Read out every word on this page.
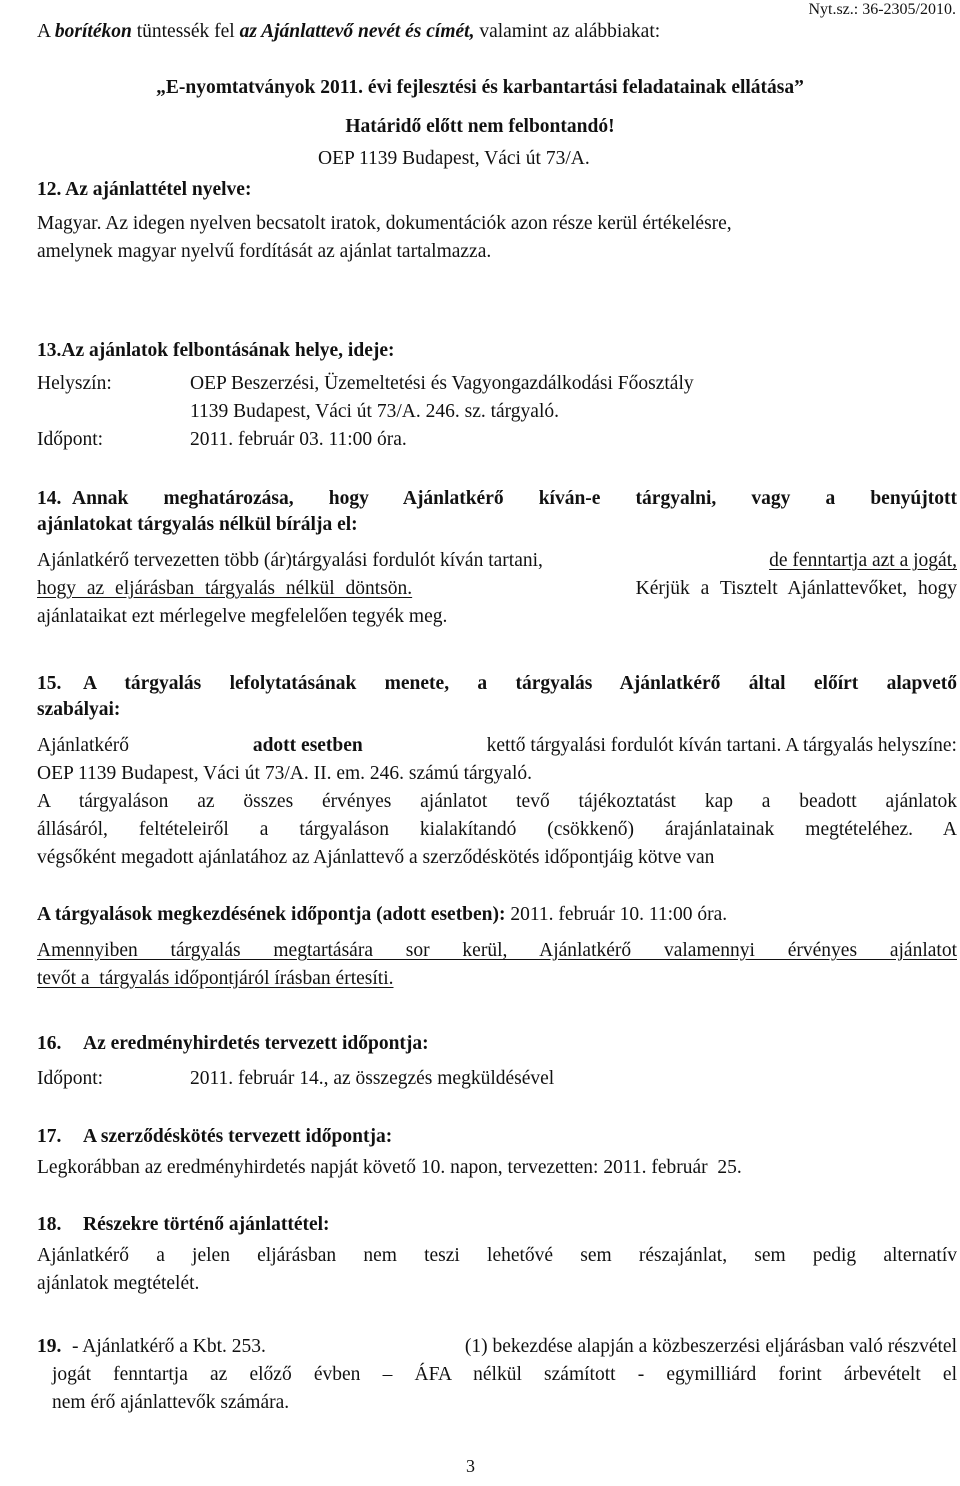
Nyt.sz.: 36-2305/2010.
A borítékon tüntessék fel az Ajánlattevő nevét és címét, valamint az alábbiakat:
„E-nyomtatványok 2011. évi fejlesztési és karbantartási feladatainak ellátása”
Határidő előtt nem felbontandó!
OEP 1139 Budapest, Váci út 73/A.
12. Az ajánlattétel nyelve:
Magyar. Az idegen nyelven becsatolt iratok, dokumentációk azon része kerül értékelésre,
amelynek magyar nyelvű fordítását az ajánlat tartalmazza.
13.Az ajánlatok felbontásának helye, ideje:
Helyszín:	OEP Beszerzési, Üzemeltetési és Vagyongazdálkodási Főosztály
1139 Budapest, Váci út 73/A. 246. sz. tárgyaló.
Időpont:	2011. február 03. 11:00 óra.
14. Annak meghatározása, hogy Ajánlatkérő kíván-e tárgyalni, vagy a benyújtott
ajánlatokat tárgyalás nélkül bírálja el:
Ajánlatkérő tervezetten több (ár)tárgyalási fordulót kíván tartani,	de fenntartja azt a jogát,
hogy az eljárásban tárgyalás nélkül döntsön.	Kérjük a Tisztelt Ajánlattevőket, hogy
ajánlataikat ezt mérlegelve megfelelően tegyék meg.
15. A tárgyalás lefolytatásának menete, a tárgyalás Ajánlatkérő által előírt alapvető
szabályai:
Ajánlatkérő	adott esetben	kettő tárgyalási fordulót kíván tartani. A tárgyalás helyszíne:
OEP 1139 Budapest, Váci út 73/A. II. em. 246. számú tárgyaló.
A tárgyaláson az összes érvényes ajánlatot tevő tájékoztatást kap a beadott ajánlatok
állásáról, feltételeiről a tárgyaláson kialakítandó (csökkenő) árajánlatainak megtételéhez. A
végsőként megadott ajánlatához az Ajánlattevő a szerződéskötés időpontjáig kötve van
A tárgyalások megkezdésének időpontja (adott esetben): 2011. február 10. 11:00 óra.
Amennyiben tárgyalás megtartására sor kerül, Ajánlatkérő valamennyi érvényes ajánlatot
tevőt a  tárgyalás időpontjáról írásban értesíti.
16. Az eredményhirdetés tervezett időpontja:
Időpont:	2011. február 14., az összegzés megküldésével
17. A szerződéskötés tervezett időpontja:
Legkorábban az eredményhirdetés napját követő 10. napon, tervezetten: 2011. február  25.
18. Részekre történő ajánlattétel:
Ajánlatkérő a jelen eljárásban nem teszi lehetővé sem részajánlat, sem pedig alternatív
ajánlatok megtételét.
19. - Ajánlatkérő a Kbt. 253.	(1) bekezdése alapján a közbeszerzési eljárásban való részvétel
jogát fenntartja az előző évben – ÁFA nélkül számított - egymilliárd forint árbevételt el
nem érő ajánlattevők számára.
3
